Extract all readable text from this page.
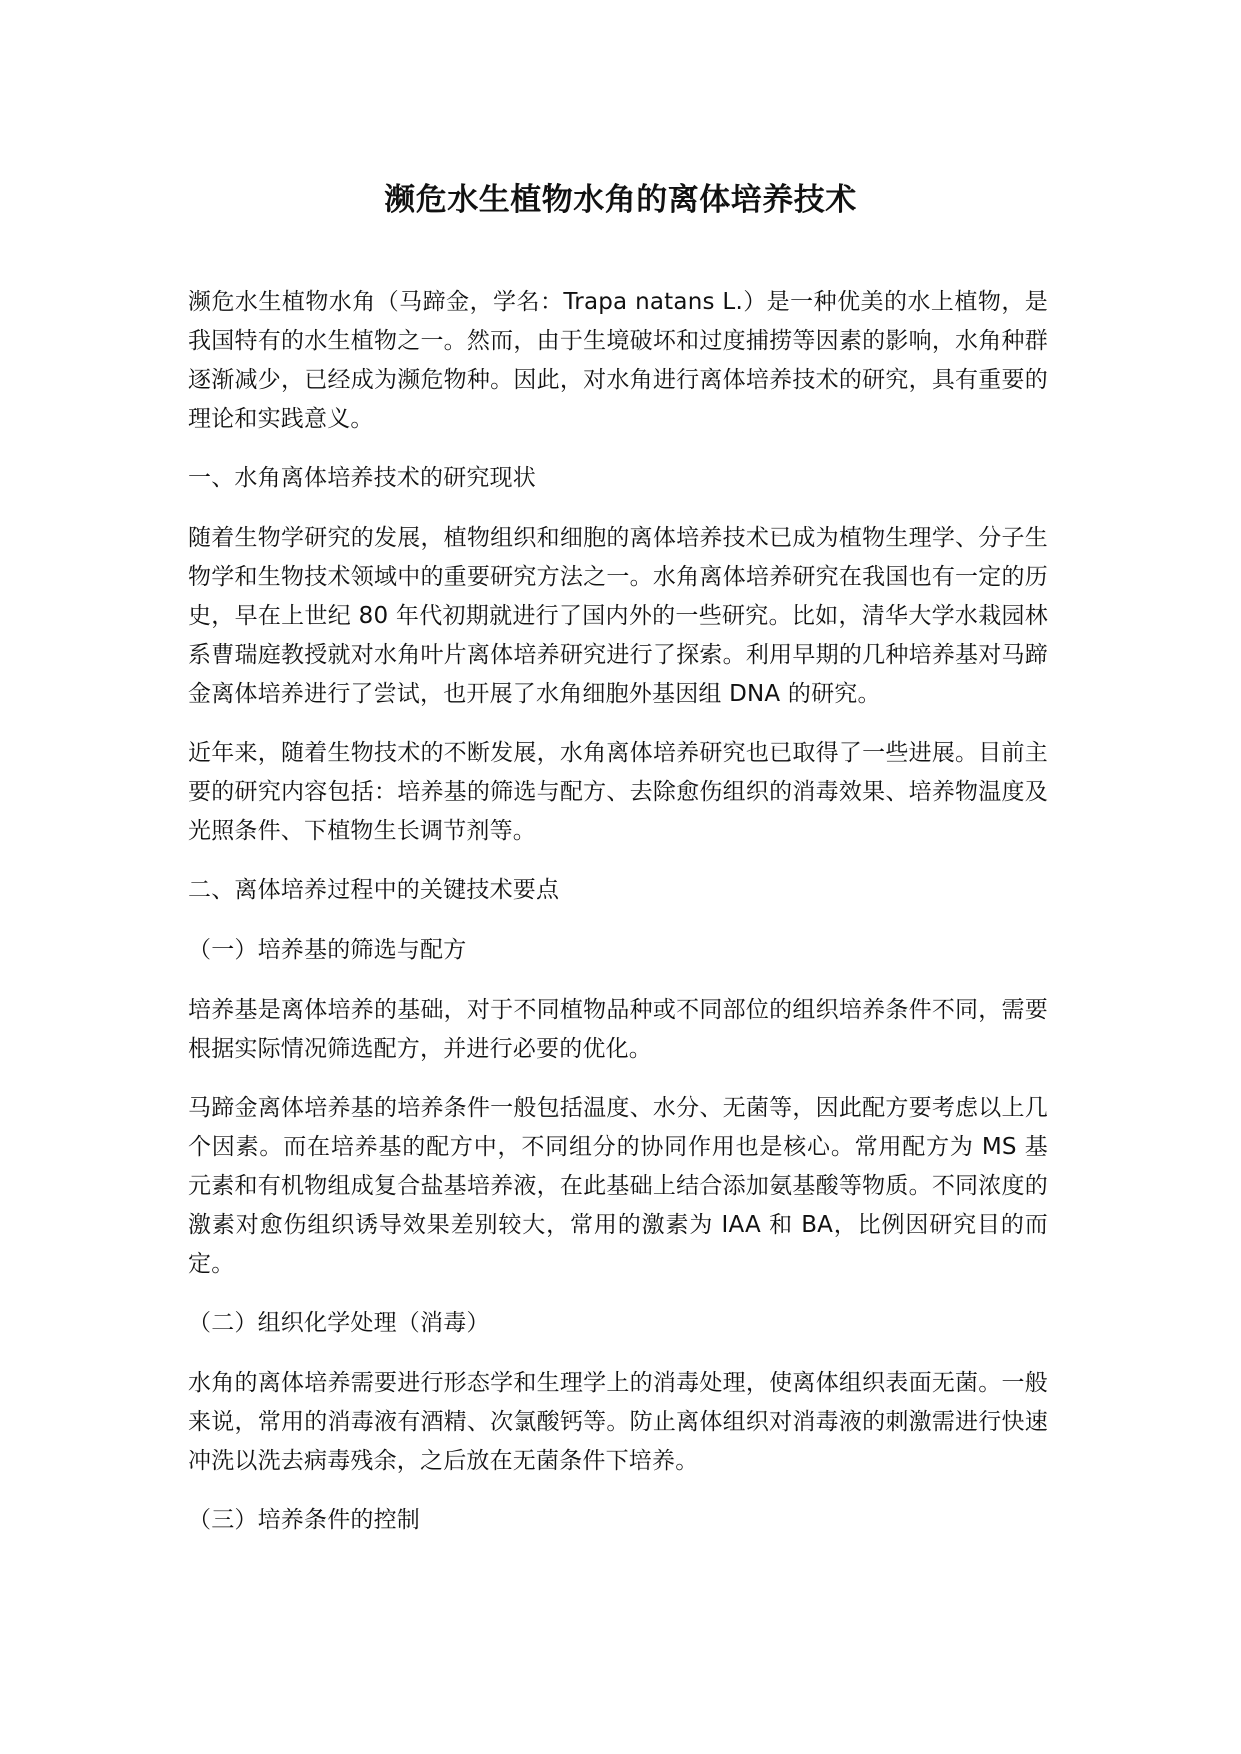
濒危水生植物水角的离体培养技术

濒危水生植物水角（马蹄金，学名：Trapa natans L.）是一种优美的水上植物，是我国特有的水生植物之一。然而，由于生境破坏和过度捕捞等因素的影响，水角种群逐渐减少，已经成为濒危物种。因此，对水角进行离体培养技术的研究，具有重要的理论和实践意义。

一、水角离体培养技术的研究现状

随着生物学研究的发展，植物组织和细胞的离体培养技术已成为植物生理学、分子生物学和生物技术领域中的重要研究方法之一。水角离体培养研究在我国也有一定的历史，早在上世纪 80 年代初期就进行了国内外的一些研究。比如，清华大学水栽园林系曹瑞庭教授就对水角叶片离体培养研究进行了探索。利用早期的几种培养基对马蹄金离体培养进行了尝试，也开展了水角细胞外基因组 DNA 的研究。

近年来，随着生物技术的不断发展，水角离体培养研究也已取得了一些进展。目前主要的研究内容包括：培养基的筛选与配方、去除愈伤组织的消毒效果、培养物温度及光照条件、下植物生长调节剂等。

二、离体培养过程中的关键技术要点

（一）培养基的筛选与配方

培养基是离体培养的基础，对于不同植物品种或不同部位的组织培养条件不同，需要根据实际情况筛选配方，并进行必要的优化。

马蹄金离体培养基的培养条件一般包括温度、水分、无菌等，因此配方要考虑以上几个因素。而在培养基的配方中，不同组分的协同作用也是核心。常用配方为 MS 基元素和有机物组成复合盐基培养液，在此基础上结合添加氨基酸等物质。不同浓度的激素对愈伤组织诱导效果差别较大，常用的激素为 IAA 和 BA，比例因研究目的而定。

（二）组织化学处理（消毒）

水角的离体培养需要进行形态学和生理学上的消毒处理，使离体组织表面无菌。一般来说，常用的消毒液有酒精、次氯酸钙等。防止离体组织对消毒液的刺激需进行快速冲洗以洗去病毒残余，之后放在无菌条件下培养。

（三）培养条件的控制
